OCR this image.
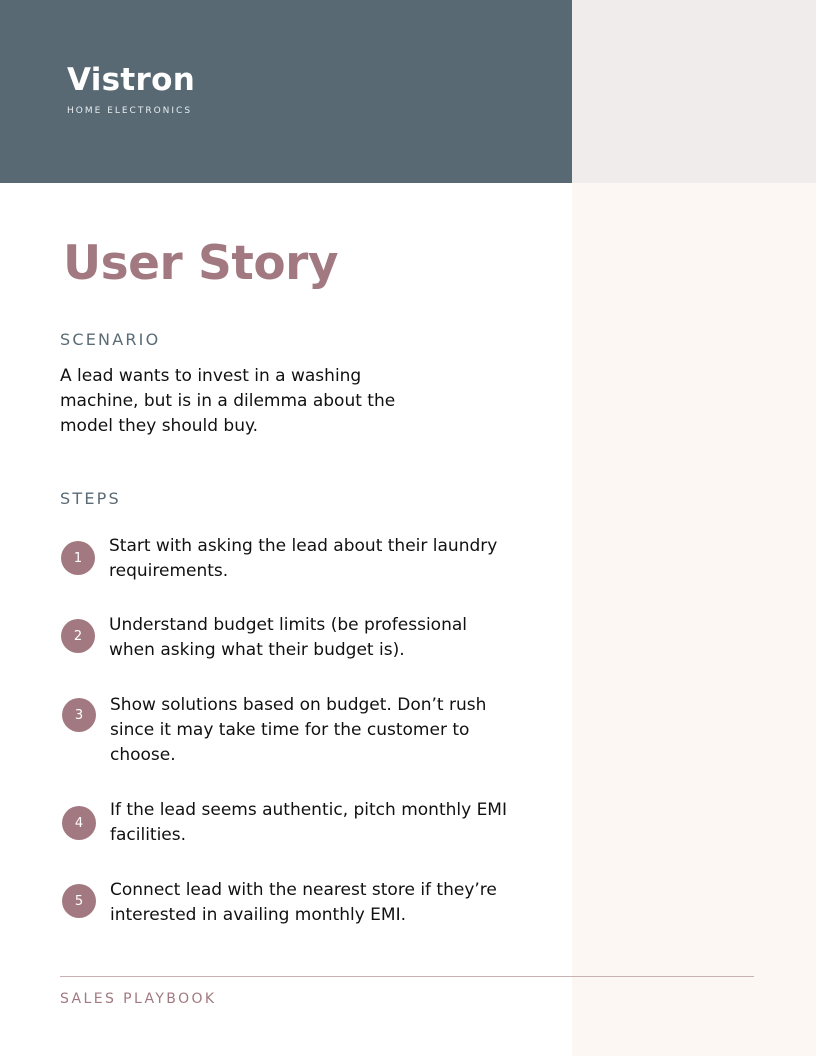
Vistron
HOME ELECTRONICS
User Story
SCENARIO
A lead wants to invest in a washing machine, but is in a dilemma about the model they should buy.
STEPS
1
Start with asking the lead about their laundry requirements.
2
Understand budget limits (be professional when asking what their budget is).
3	Show solutions based on budget. Don’t rush since it may take time for the customer to choose.
4
If the lead seems authentic, pitch monthly EMI facilities.
5
Connect lead with the nearest store if they’re interested in availing monthly EMI.
SALES PLAYBOOK
